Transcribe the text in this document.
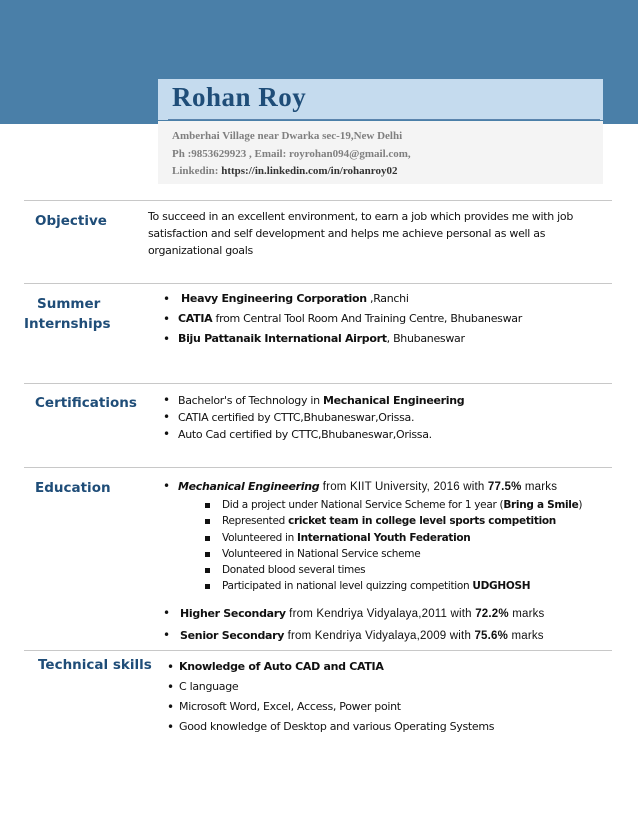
Rohan Roy
Amberhai Village near Dwarka sec-19,New Delhi
Ph :9853629923 , Email: royrohan094@gmail.com,
Linkedin: https://in.linkedin.com/in/rohanroy02
Objective	To succeed in an excellent environment, to earn a job which provides me with job
satisfaction and self development and helps me achieve personal as well as
organizational goals
Summer
Internships
• Heavy Engineering Corporation ,Ranchi
• CATIA from Central Tool Room And Training Centre, Bhubaneswar
• Biju Pattanaik International Airport, Bhubaneswar
Certifications	• Bachelor's of Technology in Mechanical Engineering
• CATIA certified by CTTC,Bhubaneswar,Orissa.
• Auto Cad certified by CTTC,Bhubaneswar,Orissa.
Education	• Mechanical Engineering from KIIT University, 2016 with 77.5% marks
Did a project under National Service Scheme for 1 year (Bring a Smile)
Represented cricket team in college level sports competition
Volunteered in International Youth Federation
Volunteered in National Service scheme
Donated blood several times
Participated in national level quizzing competition UDGHOSH
• Higher Secondary from Kendriya Vidyalaya,2011 with 72.2% marks
• Senior Secondary from Kendriya Vidyalaya,2009 with 75.6% marks
Technical skills	• Knowledge of Auto CAD and CATIA
• C language
• Microsoft Word, Excel, Access, Power point
• Good knowledge of Desktop and various Operating Systems
